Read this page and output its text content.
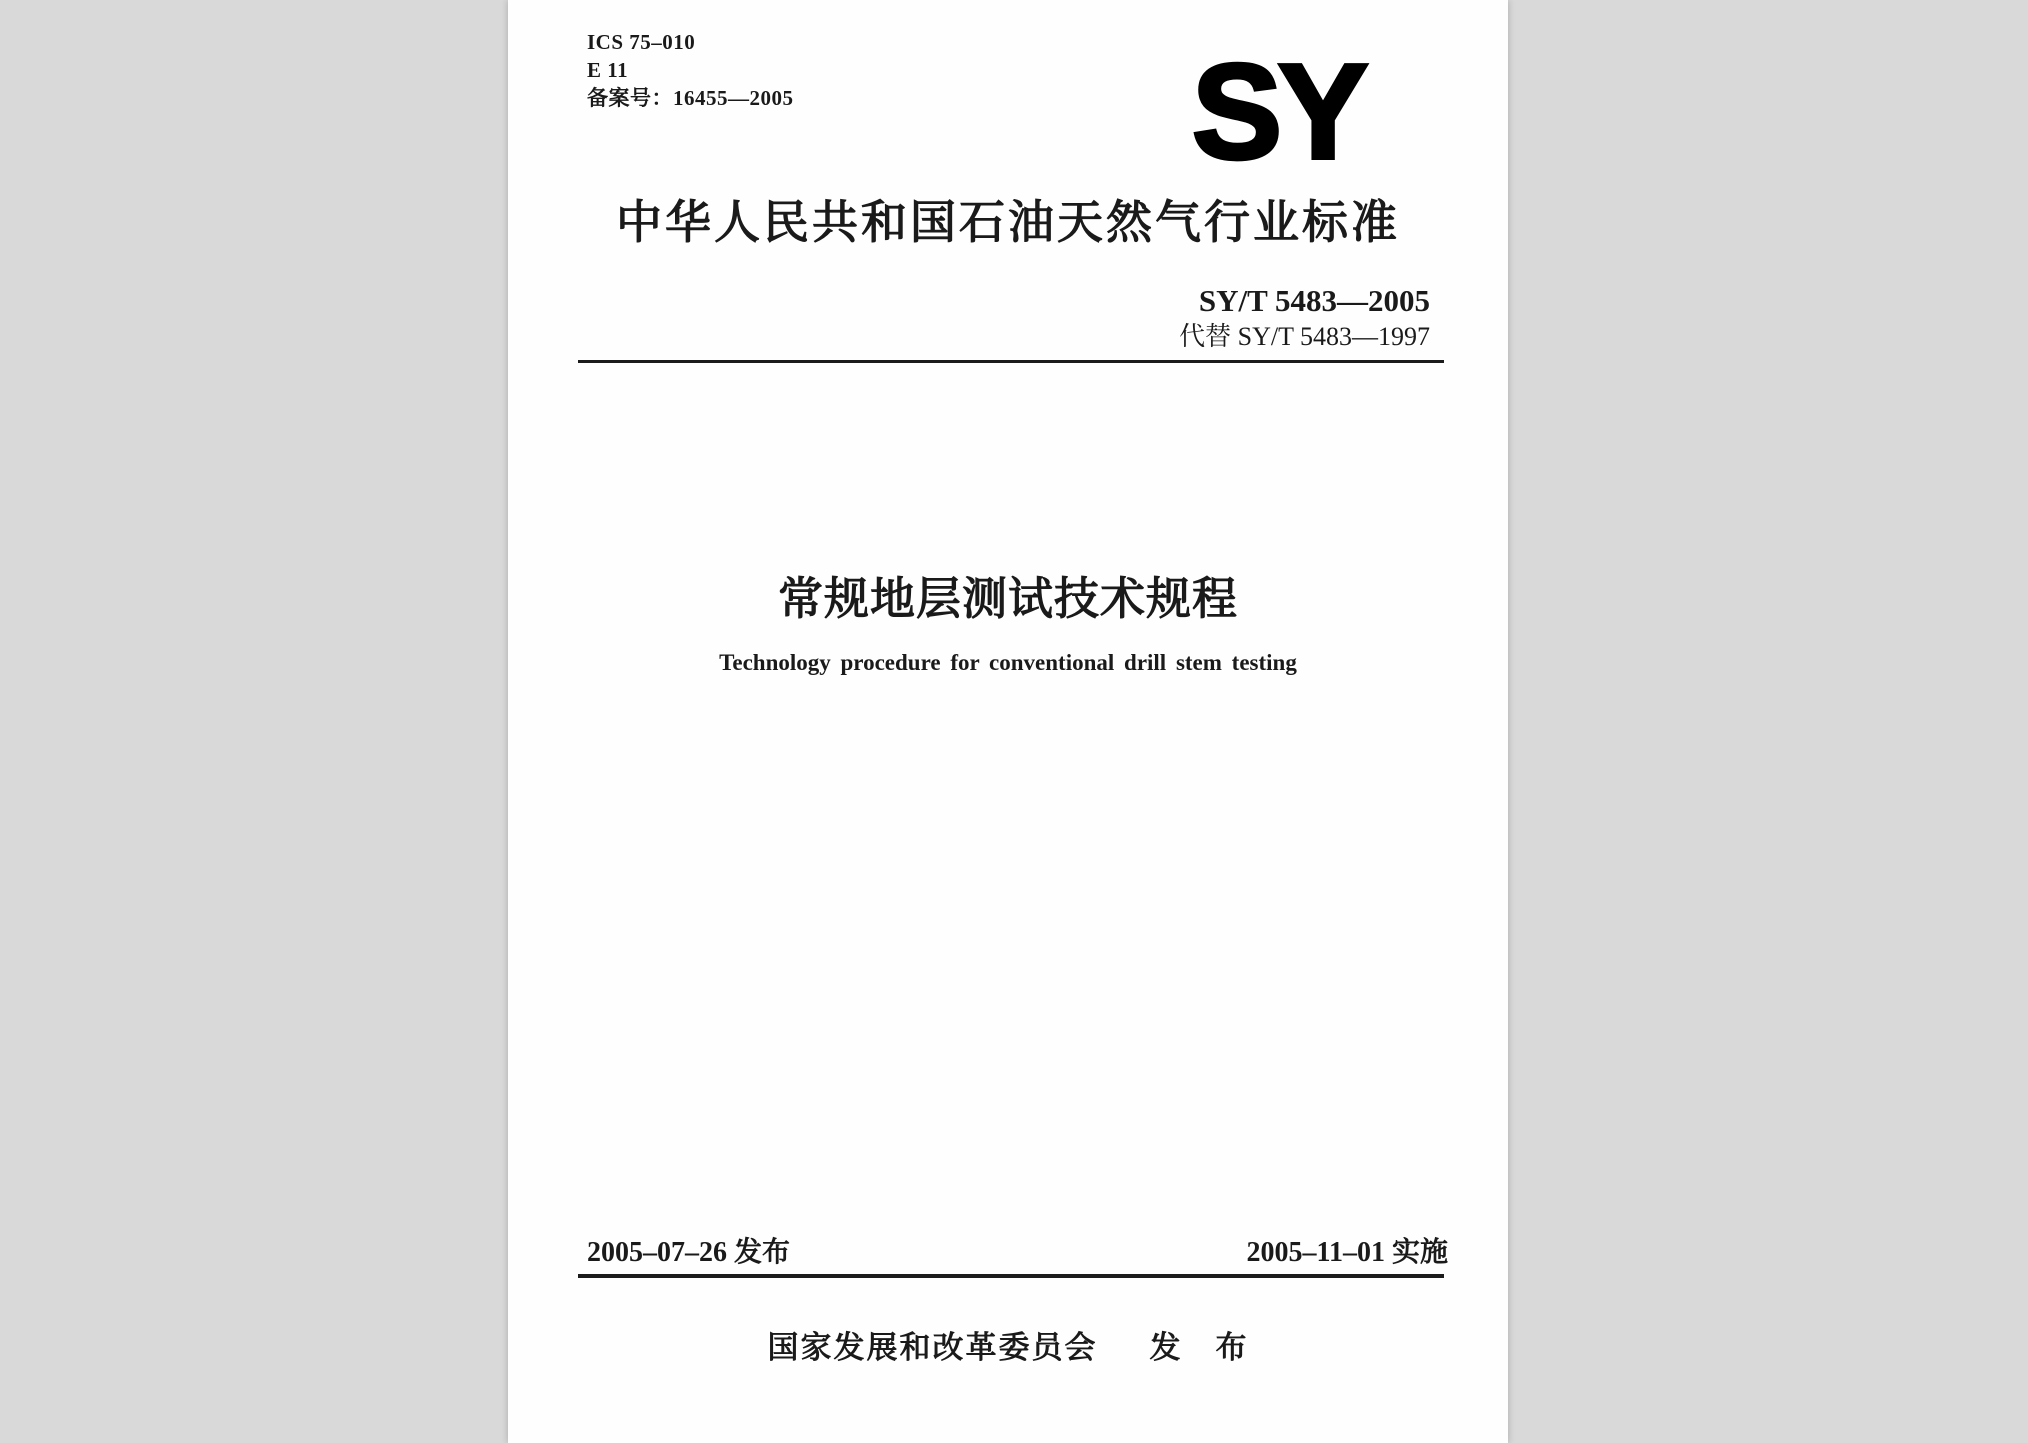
ICS 75–010
E 11
备案号：16455—2005	SY
中华人民共和国石油天然气行业标准
SY/T 5483—2005
代替 SY/T 5483—1997
常规地层测试技术规程
Technology procedure for conventional drill stem testing
2005–07–26 发布	2005–11–01 实施
国家发展和改革委员会 发　布
